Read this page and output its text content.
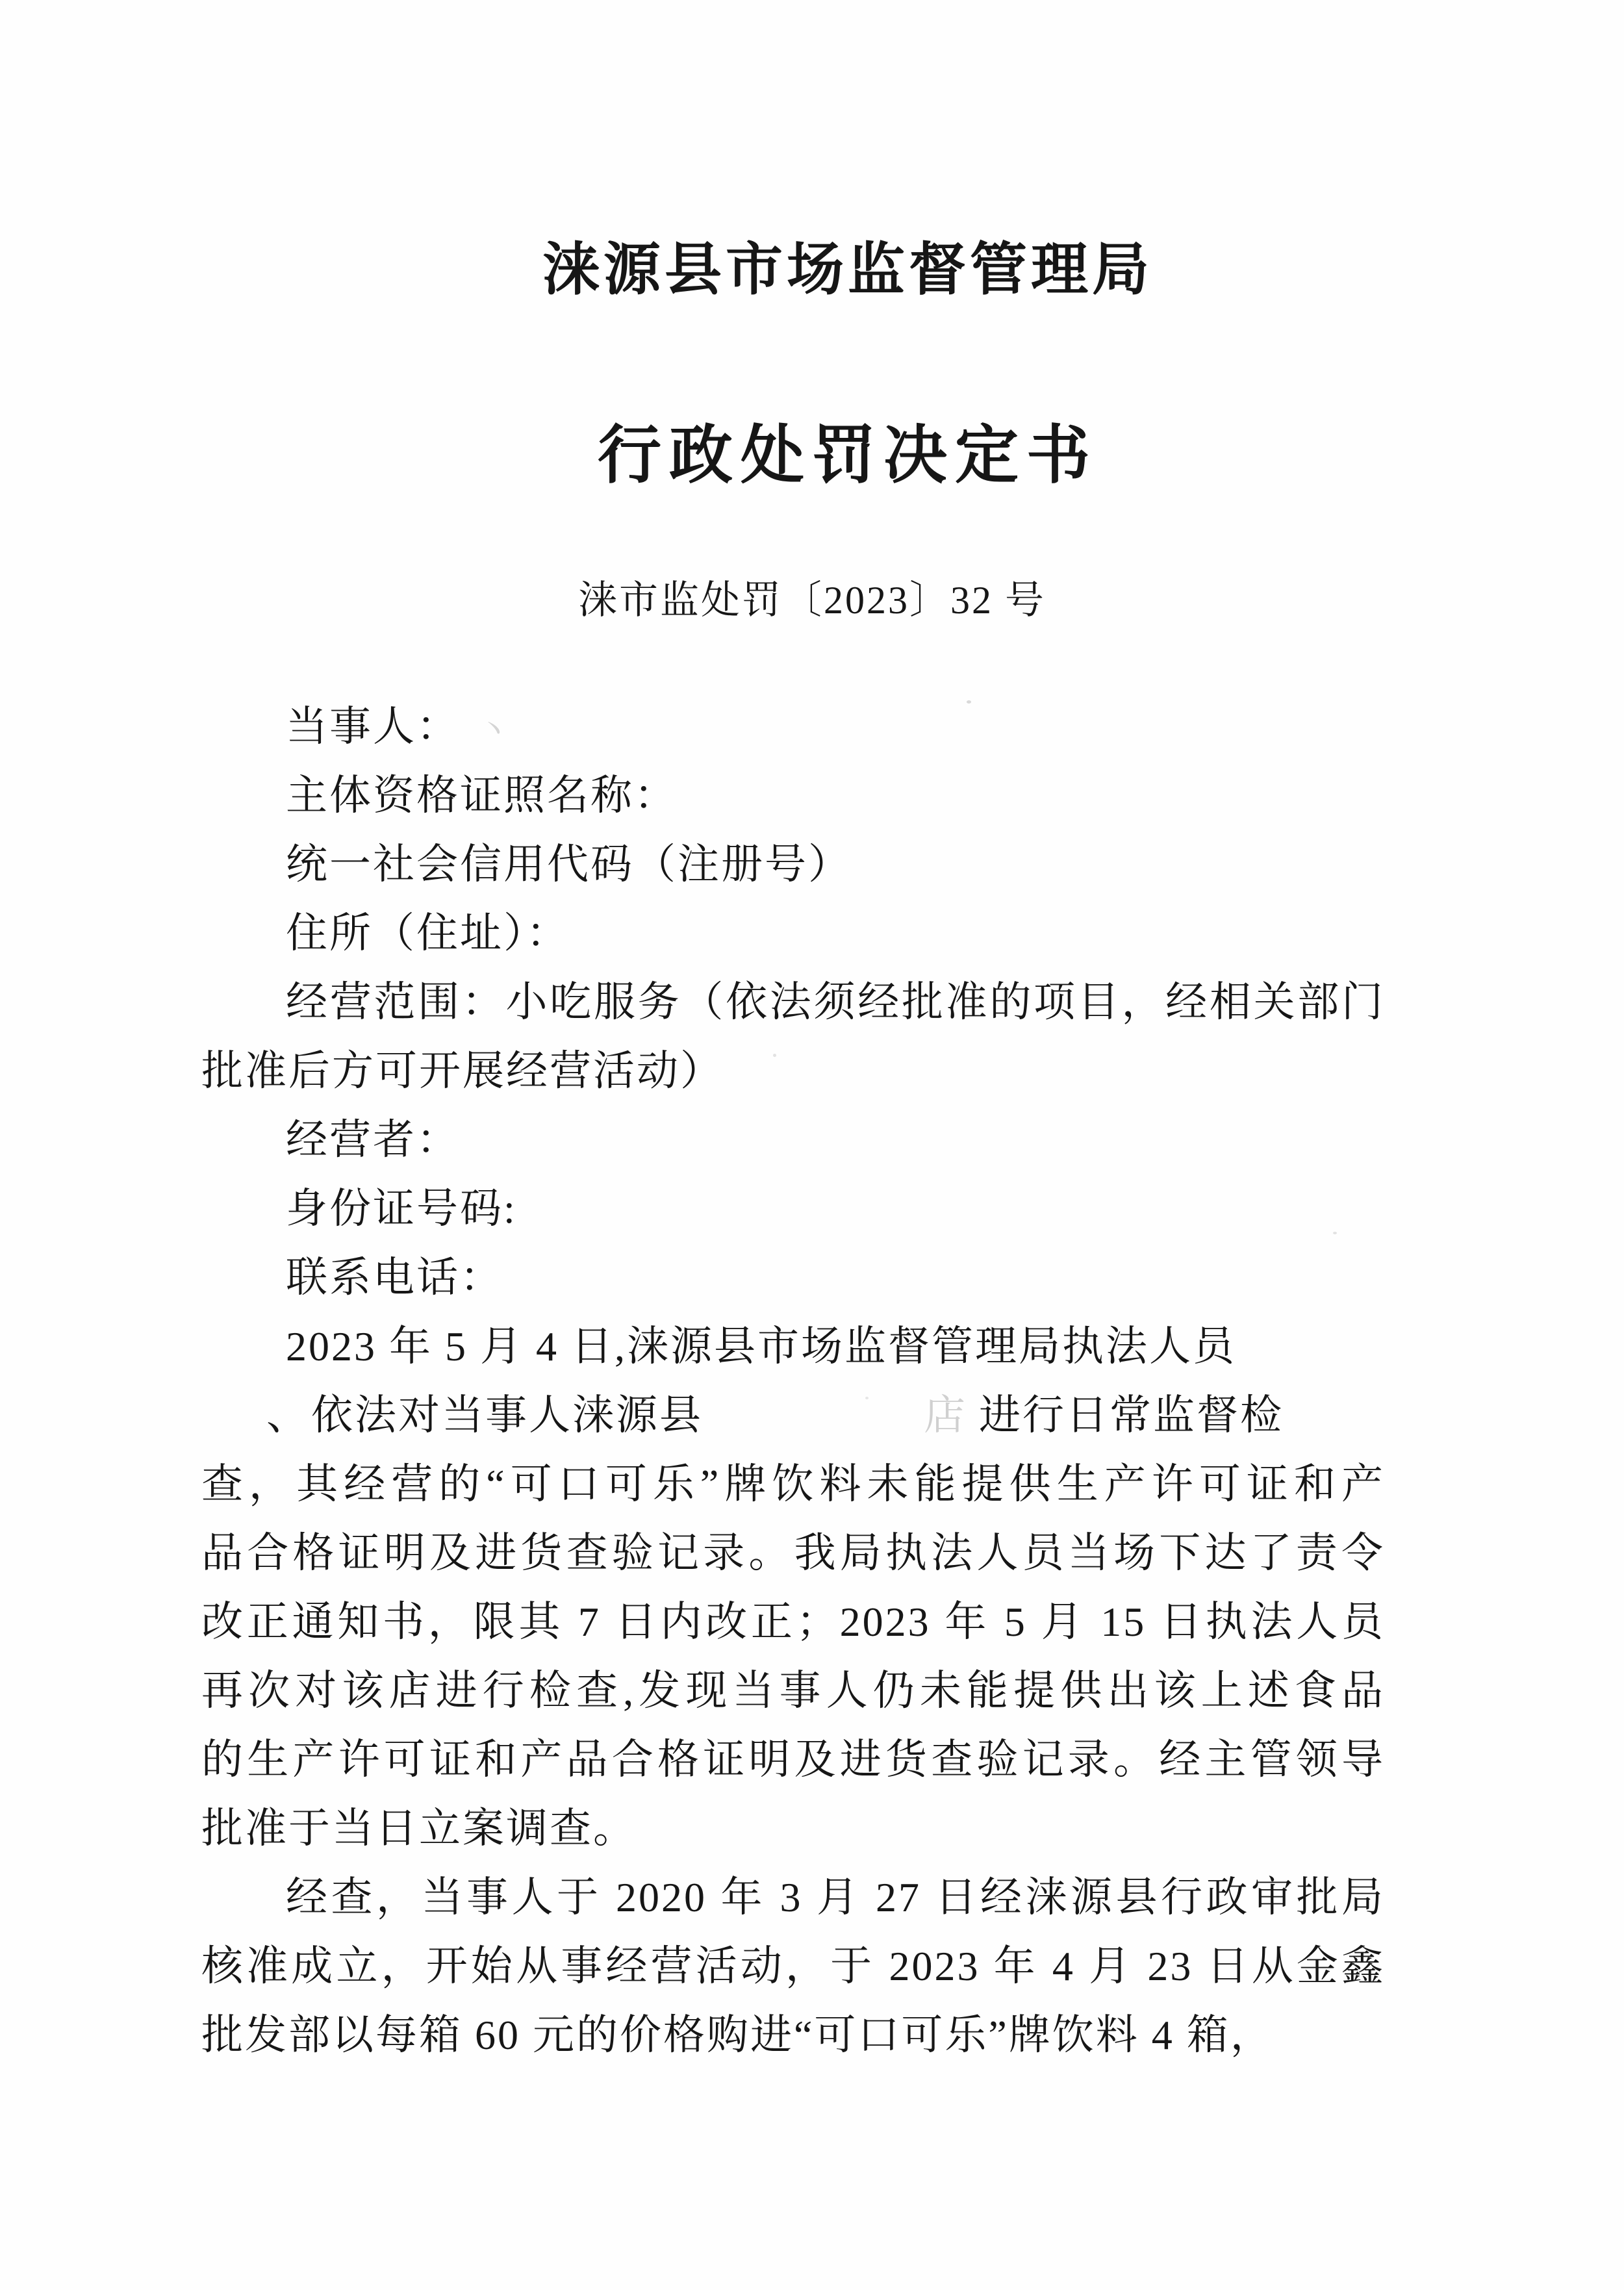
涞源县市场监督管理局
行政处罚决定书
涞市监处罚〔2023〕32 号
当事人： 丶
主体资格证照名称：
统一社会信用代码（注册号）
住所（住址）：
经营范围：小吃服务（依法须经批准的项目，经相关部门
批准后方可开展经营活动）
经营者：
身份证号码:
联系电话：
2023 年 5 月 4 日,涞源县市场监督管理局执法人员
、依法对当事人涞源县	店 进行日常监督检
查，其经营的“可口可乐”牌饮料未能提供生产许可证和产
品合格证明及进货查验记录。我局执法人员当场下达了责令
改正通知书，限其 7 日内改正；2023 年 5 月 15 日执法人员
再次对该店进行检查,发现当事人仍未能提供出该上述食品
的生产许可证和产品合格证明及进货查验记录。经主管领导
批准于当日立案调查。
经查，当事人于 2020 年 3 月 27 日经涞源县行政审批局
核准成立，开始从事经营活动，于 2023 年 4 月 23 日从金鑫
批发部以每箱 60 元的价格购进“可口可乐”牌饮料 4 箱，
